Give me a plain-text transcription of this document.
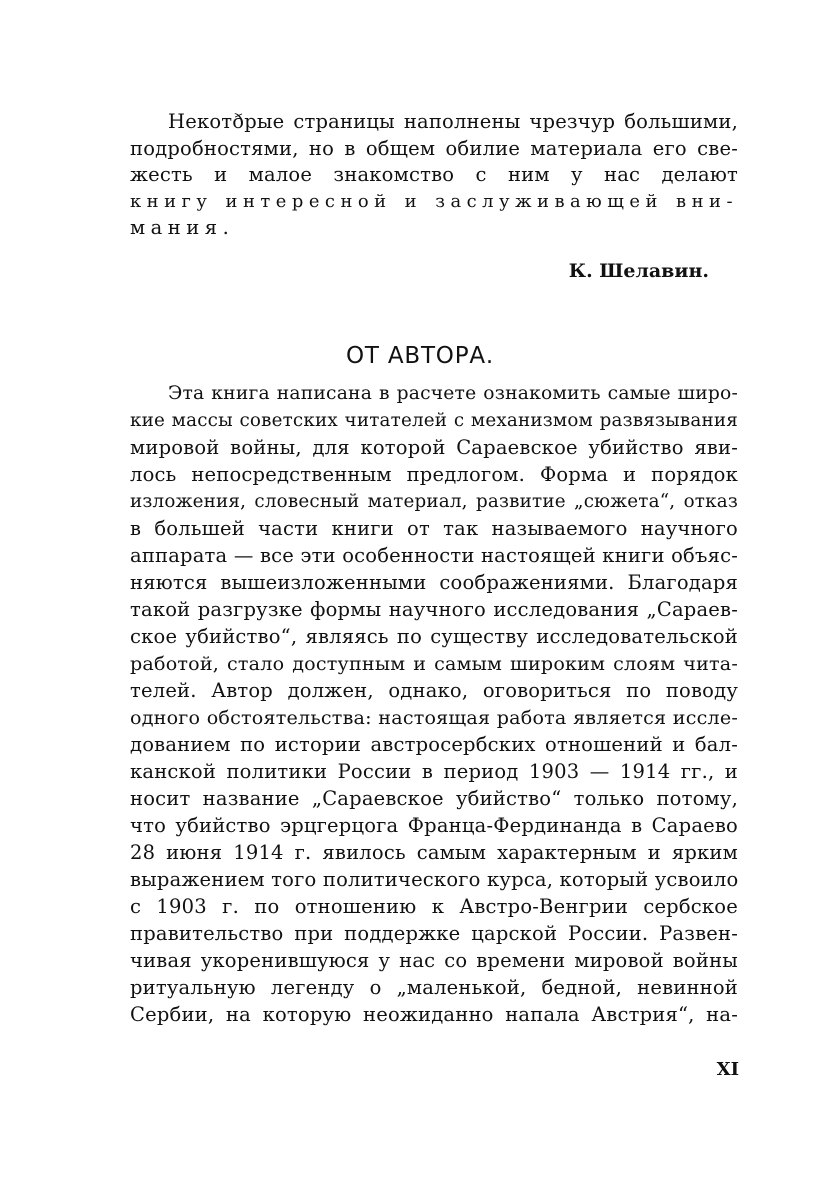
Некотðрые страницы наполнены чрезчур большими,
подробностями, но в общем обилие материала его све-
жесть и малое знакомство с ним у нас делают
книгу интересной и заслуживающей вни-
мания.
К. Шелавин.
ОТ АВТОРА.
Эта книга написана в расчете ознакомить самые широ-
кие массы советских читателей с механизмом развязывания
мировой войны, для которой Сараевское убийство яви-
лось непосредственным предлогом. Форма и порядок
изложения, словесный материал, развитие „сюжета“, отказ
в большей части книги от так называемого научного
аппарата — все эти особенности настоящей книги объяс-
няются вышеизложенными соображениями. Благодаря
такой разгрузке формы научного исследования „Сараев-
ское убийство“, являясь по существу исследовательской
работой, стало доступным и самым широким слоям чита-
телей. Автор должен, однако, оговориться по поводу
одного обстоятельства: настоящая работа является иссле-
дованием по истории австросербских отношений и бал-
канской политики России в период 1903 — 1914 гг., и
носит название „Сараевское убийство“ только потому,
что убийство эрцгерцога Франца-Фердинанда в Сараево
28 июня 1914 г. явилось самым характерным и ярким
выражением того политического курса, который усвоило
с 1903 г. по отношению к Австро-Венгрии сербское
правительство при поддержке царской России. Развен-
чивая укоренившуюся у нас со времени мировой войны
ритуальную легенду о „маленькой, бедной, невинной
Сербии, на которую неожиданно напала Австрия“, на-
XI
